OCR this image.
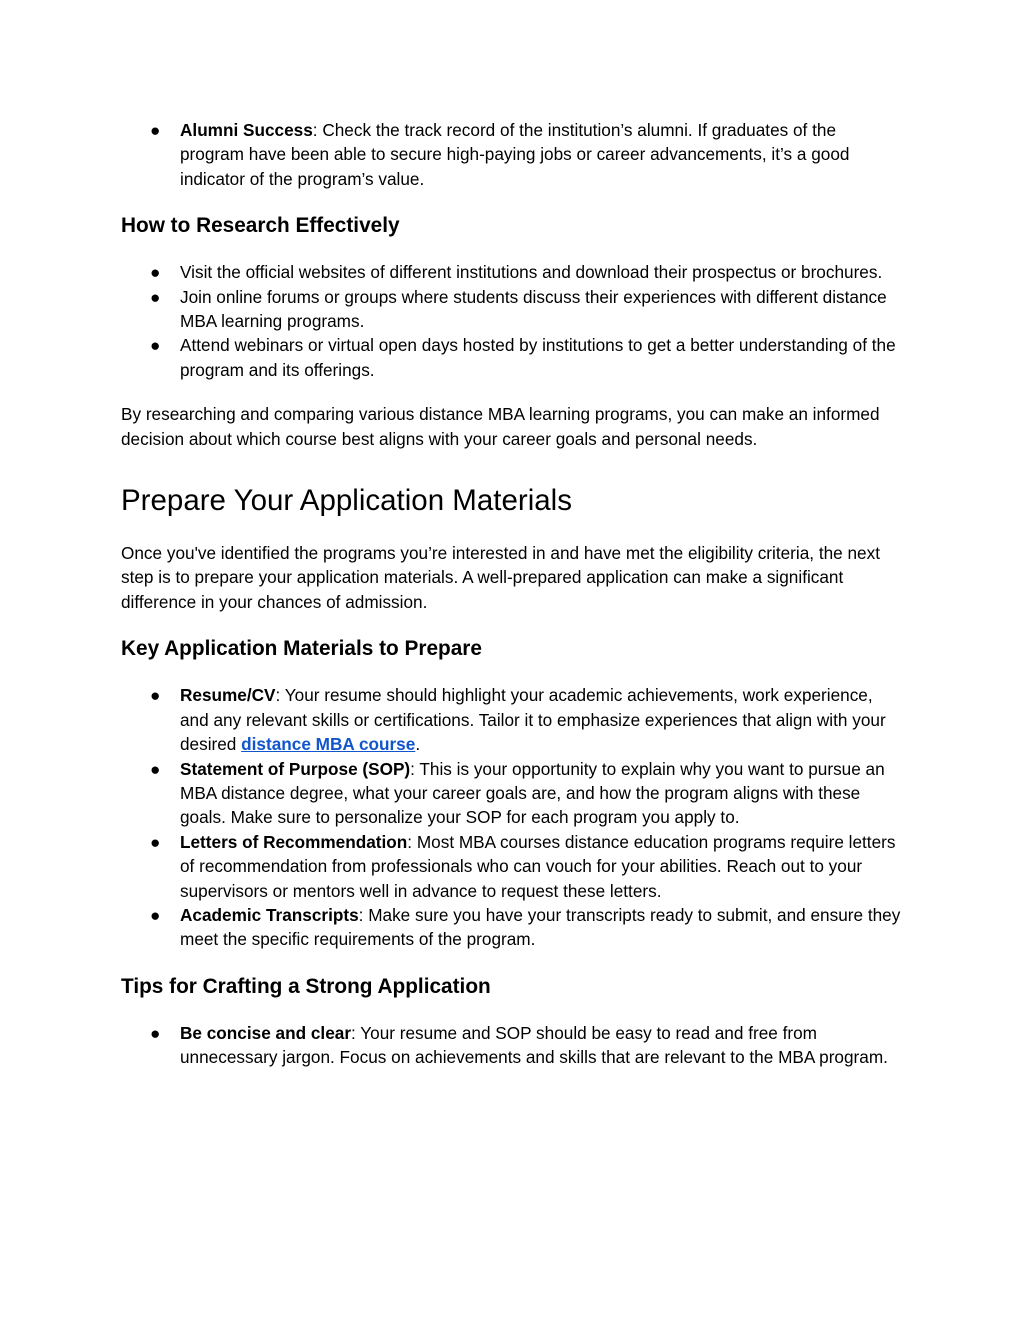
● Alumni Success: Check the track record of the institution’s alumni. If graduates of the program have been able to secure high-paying jobs or career advancements, it’s a good indicator of the program’s value.
How to Research Effectively
● Visit the official websites of different institutions and download their prospectus or brochures.
● Join online forums or groups where students discuss their experiences with different distance MBA learning programs.
● Attend webinars or virtual open days hosted by institutions to get a better understanding of the program and its offerings.

By researching and comparing various distance MBA learning programs, you can make an informed decision about which course best aligns with your career goals and personal needs.

Prepare Your Application Materials

Once you've identified the programs you’re interested in and have met the eligibility criteria, the next step is to prepare your application materials. A well-prepared application can make a significant difference in your chances of admission.

Key Application Materials to Prepare
● Resume/CV: Your resume should highlight your academic achievements, work experience, and any relevant skills or certifications. Tailor it to emphasize experiences that align with your desired distance MBA course.
● Statement of Purpose (SOP): This is your opportunity to explain why you want to pursue an MBA distance degree, what your career goals are, and how the program aligns with these goals. Make sure to personalize your SOP for each program you apply to.
● Letters of Recommendation: Most MBA courses distance education programs require letters of recommendation from professionals who can vouch for your abilities. Reach out to your supervisors or mentors well in advance to request these letters.
● Academic Transcripts: Make sure you have your transcripts ready to submit, and ensure they meet the specific requirements of the program.
Tips for Crafting a Strong Application
● Be concise and clear: Your resume and SOP should be easy to read and free from unnecessary jargon. Focus on achievements and skills that are relevant to the MBA program.
